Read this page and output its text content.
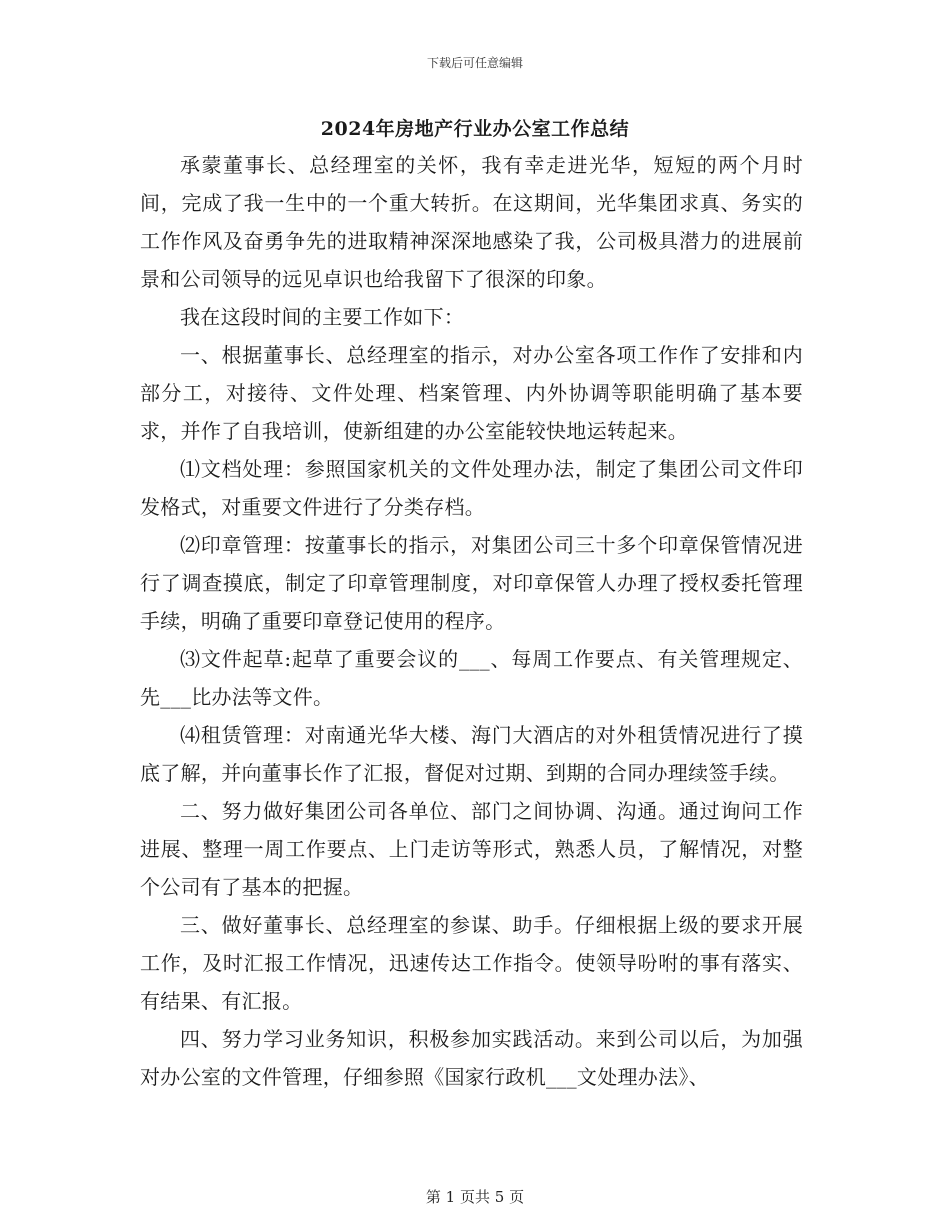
下载后可任意编辑
2024年房地产行业办公室工作总结

承蒙董事长、总经理室的关怀，我有幸走进光华，短短的两个月时间，完成了我一生中的一个重大转折。在这期间，光华集团求真、务实的工作作风及奋勇争先的进取精神深深地感染了我，公司极具潜力的进展前景和公司领导的远见卓识也给我留下了很深的印象。

我在这段时间的主要工作如下：

一、根据董事长、总经理室的指示，对办公室各项工作作了安排和内部分工，对接待、文件处理、档案管理、内外协调等职能明确了基本要求，并作了自我培训，使新组建的办公室能较快地运转起来。

⑴文档处理：参照国家机关的文件处理办法，制定了集团公司文件印发格式，对重要文件进行了分类存档。

⑵印章管理：按董事长的指示，对集团公司三十多个印章保管情况进行了调查摸底，制定了印章管理制度，对印章保管人办理了授权委托管理手续，明确了重要印章登记使用的程序。

⑶文件起草:起草了重要会议的___、每周工作要点、有关管理规定、先___比办法等文件。

⑷租赁管理：对南通光华大楼、海门大酒店的对外租赁情况进行了摸底了解，并向董事长作了汇报，督促对过期、到期的合同办理续签手续。

二、努力做好集团公司各单位、部门之间协调、沟通。通过询问工作进展、整理一周工作要点、上门走访等形式，熟悉人员，了解情况，对整个公司有了基本的把握。

三、做好董事长、总经理室的参谋、助手。仔细根据上级的要求开展工作，及时汇报工作情况，迅速传达工作指令。使领导吩咐的事有落实、有结果、有汇报。

四、努力学习业务知识，积极参加实践活动。来到公司以后，为加强对办公室的文件管理，仔细参照《国家行政机___文处理办法》、

第 1 页共 5 页
